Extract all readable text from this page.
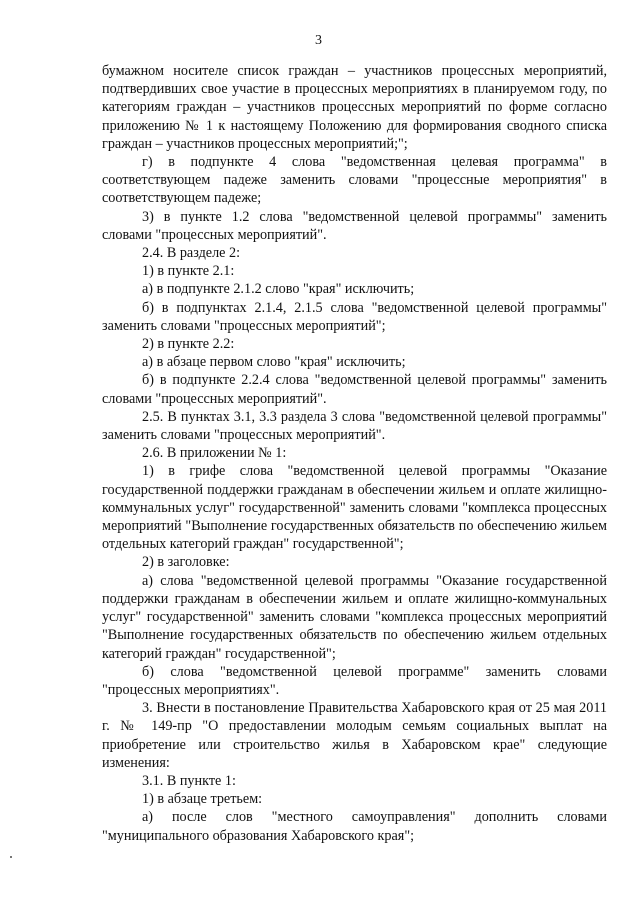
3

бумажном носителе список граждан – участников процессных мероприятий, подтвердивших свое участие в процессных мероприятиях в планируемом году, по категориям граждан – участников процессных мероприятий по форме согласно приложению № 1 к настоящему Положению для формирования сводного списка граждан – участников процессных мероприятий;";

г) в подпункте 4 слова "ведомственная целевая программа" в соответствующем падеже заменить словами "процессные мероприятия" в соответствующем падеже;

3) в пункте 1.2 слова "ведомственной целевой программы" заменить словами "процессных мероприятий".

2.4. В разделе 2:

1) в пункте 2.1:

а) в подпункте 2.1.2 слово "края" исключить;

б) в подпунктах 2.1.4, 2.1.5 слова "ведомственной целевой программы" заменить словами "процессных мероприятий";

2) в пункте 2.2:

а) в абзаце первом слово "края" исключить;

б) в подпункте 2.2.4 слова "ведомственной целевой программы" заменить словами "процессных мероприятий".

2.5. В пунктах 3.1, 3.3 раздела 3 слова "ведомственной целевой программы" заменить словами "процессных мероприятий".

2.6. В приложении № 1:

1) в грифе слова "ведомственной целевой программы "Оказание государственной поддержки гражданам в обеспечении жильем и оплате жилищно-коммунальных услуг" государственной" заменить словами "комплекса процессных мероприятий "Выполнение государственных обязательств по обеспечению жильем отдельных категорий граждан" государственной";

2) в заголовке:

а) слова "ведомственной целевой программы "Оказание государственной поддержки гражданам в обеспечении жильем и оплате жилищно-коммунальных услуг" государственной" заменить словами "комплекса процессных мероприятий "Выполнение государственных обязательств по обеспечению жильем отдельных категорий граждан" государственной";

б) слова "ведомственной целевой программе" заменить словами "процессных мероприятиях".

3. Внести в постановление Правительства Хабаровского края от 25 мая 2011 г. № 149-пр "О предоставлении молодым семьям социальных выплат на приобретение или строительство жилья в Хабаровском крае" следующие изменения:

3.1. В пункте 1:

1) в абзаце третьем:

а) после слов "местного самоуправления" дополнить словами "муниципального образования Хабаровского края";
